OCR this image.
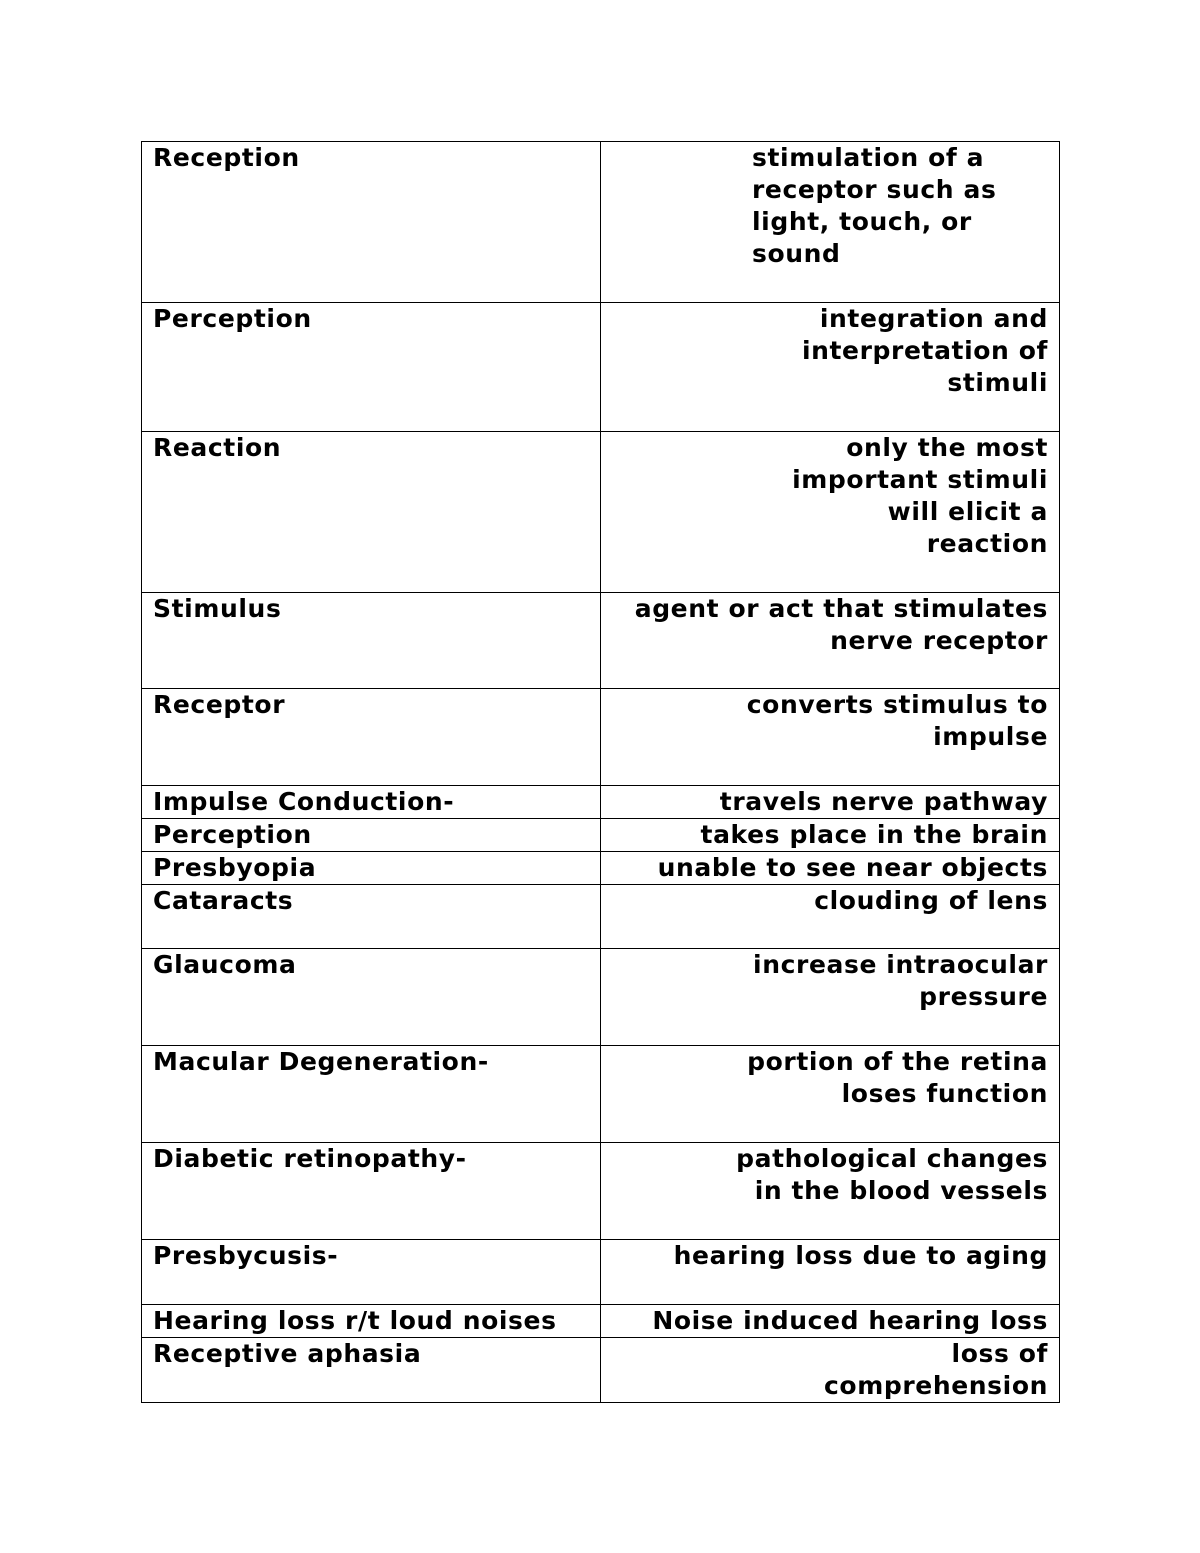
Reception	stimulation of a
receptor such as
light, touch, or
sound

Perception	integration and
interpretation of
stimuli

Reaction	only the most
important stimuli
will elicit a
reaction

Stimulus	agent or act that stimulates
nerve receptor

Receptor	converts stimulus to
impulse

Impulse Conduction-	travels nerve pathway

Perception	takes place in the brain

Presbyopia	unable to see near objects

Cataracts	clouding of lens

Glaucoma	increase intraocular
pressure

Macular Degeneration-	portion of the retina
loses function

Diabetic retinopathy-	pathological changes
in the blood vessels

Presbycusis-	hearing loss due to aging

Hearing loss r/t loud noises	Noise induced hearing loss

Receptive aphasia	loss of
comprehension
